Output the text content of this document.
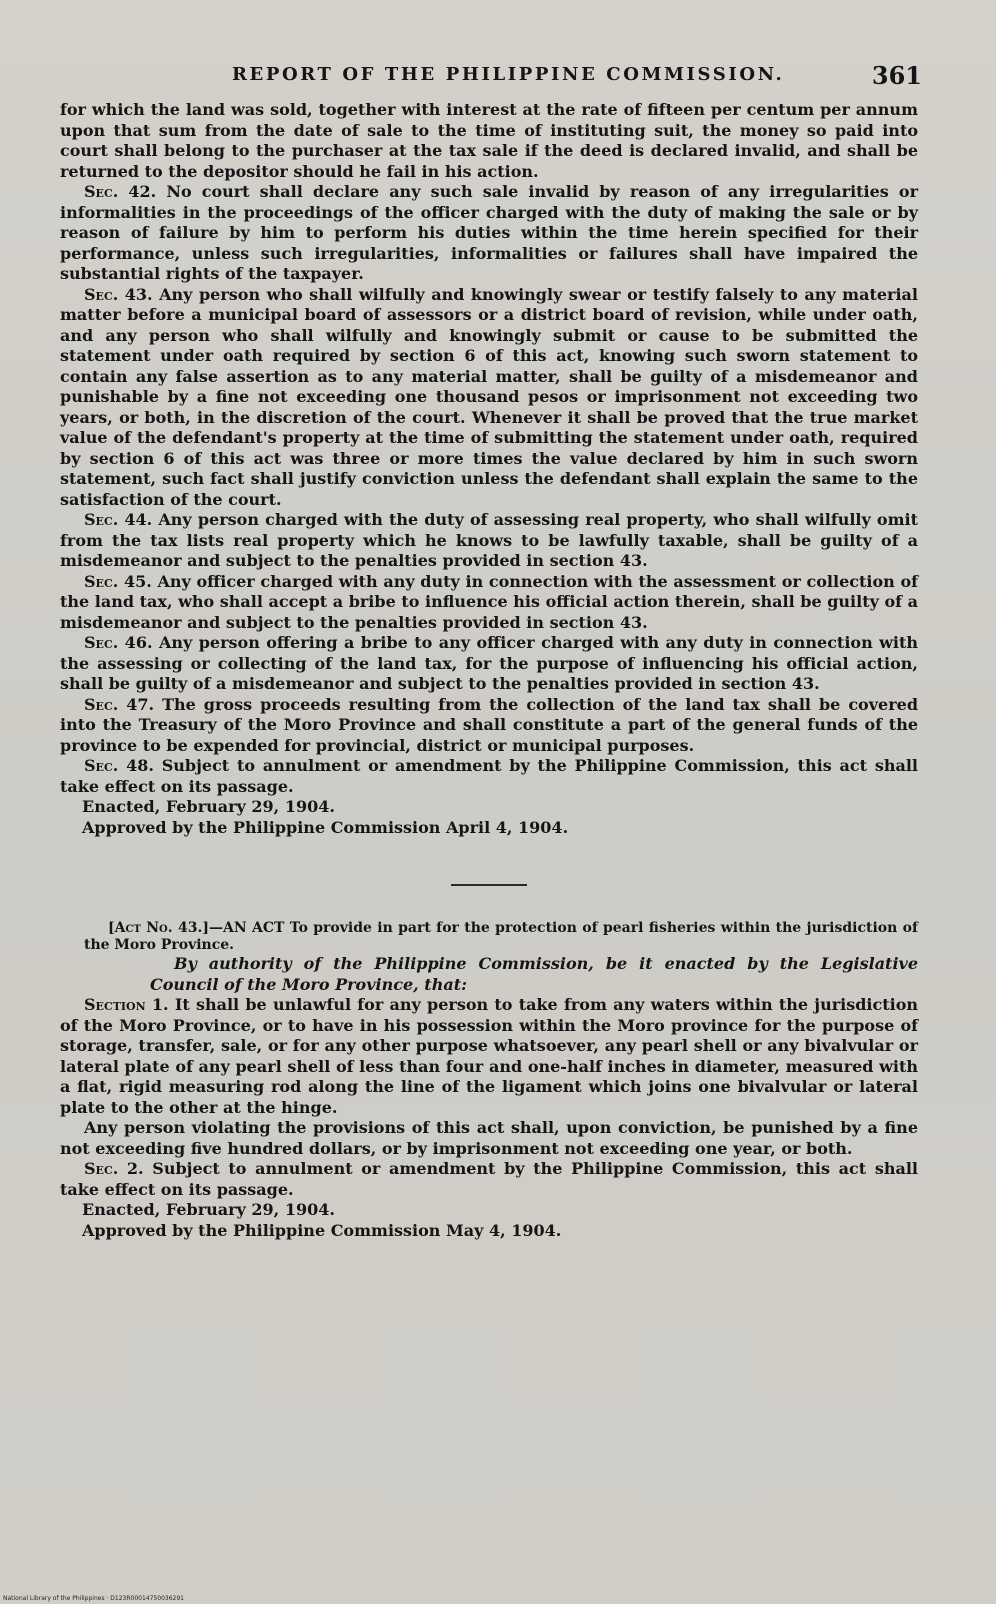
REPORT OF THE PHILIPPINE COMMISSION.	361

for which the land was sold, together with interest at the rate of fifteen per centum per annum upon that sum from the date of sale to the time of instituting suit, the money so paid into court shall belong to the purchaser at the tax sale if the deed is declared invalid, and shall be returned to the depositor should he fail in his action.

Sec. 42. No court shall declare any such sale invalid by reason of any irregularities or informalities in the proceedings of the officer charged with the duty of making the sale or by reason of failure by him to perform his duties within the time herein specified for their performance, unless such irregularities, informalities or failures shall have impaired the substantial rights of the taxpayer.

Sec. 43. Any person who shall wilfully and knowingly swear or testify falsely to any material matter before a municipal board of assessors or a district board of revision, while under oath, and any person who shall wilfully and knowingly submit or cause to be submitted the statement under oath required by section 6 of this act, knowing such sworn statement to contain any false assertion as to any material matter, shall be guilty of a misdemeanor and punishable by a fine not exceeding one thousand pesos or imprisonment not exceeding two years, or both, in the discretion of the court. Whenever it shall be proved that the true market value of the defendant's property at the time of submitting the statement under oath, required by section 6 of this act was three or more times the value declared by him in such sworn statement, such fact shall justify conviction unless the defendant shall explain the same to the satisfaction of the court.

Sec. 44. Any person charged with the duty of assessing real property, who shall wilfully omit from the tax lists real property which he knows to be lawfully taxable, shall be guilty of a misdemeanor and subject to the penalties provided in section 43.

Sec. 45. Any officer charged with any duty in connection with the assessment or collection of the land tax, who shall accept a bribe to influence his official action therein, shall be guilty of a misdemeanor and subject to the penalties provided in section 43.

Sec. 46. Any person offering a bribe to any officer charged with any duty in connection with the assessing or collecting of the land tax, for the purpose of influencing his official action, shall be guilty of a misdemeanor and subject to the penalties provided in section 43.

Sec. 47. The gross proceeds resulting from the collection of the land tax shall be covered into the Treasury of the Moro Province and shall constitute a part of the general funds of the province to be expended for provincial, district or municipal purposes.

Sec. 48. Subject to annulment or amendment by the Philippine Commission, this act shall take effect on its passage.

Enacted, February 29, 1904.

Approved by the Philippine Commission April 4, 1904.

[Act No. 43.]—AN ACT To provide in part for the protection of pearl fisheries within the jurisdiction of the Moro Province.

By authority of the Philippine Commission, be it enacted by the Legislative Council of the Moro Province, that:

Section 1. It shall be unlawful for any person to take from any waters within the jurisdiction of the Moro Province, or to have in his possession within the Moro province for the purpose of storage, transfer, sale, or for any other purpose whatsoever, any pearl shell or any bivalvular or lateral plate of any pearl shell of less than four and one-half inches in diameter, measured with a flat, rigid measuring rod along the line of the ligament which joins one bivalvular or lateral plate to the other at the hinge.

Any person violating the provisions of this act shall, upon conviction, be punished by a fine not exceeding five hundred dollars, or by imprisonment not exceeding one year, or both.

Sec. 2. Subject to annulment or amendment by the Philippine Commission, this act shall take effect on its passage.

Enacted, February 29, 1904.

Approved by the Philippine Commission May 4, 1904.

National Library of the Philippines · D123R00014750036291
